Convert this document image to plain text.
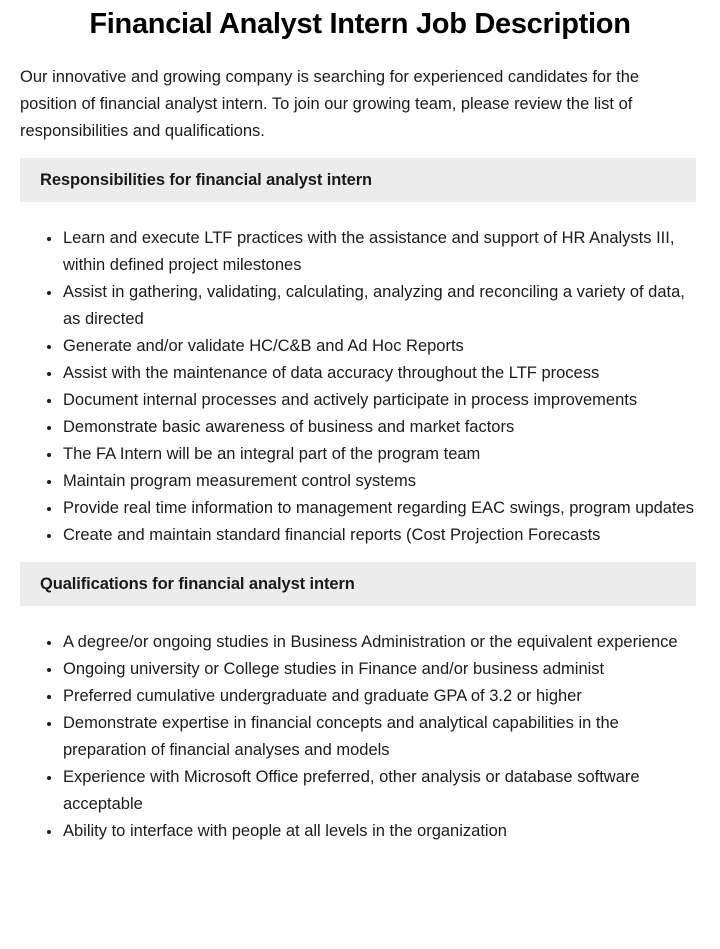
Financial Analyst Intern Job Description

Our innovative and growing company is searching for experienced candidates for the position of financial analyst intern. To join our growing team, please review the list of responsibilities and qualifications.

Responsibilities for financial analyst intern
• Learn and execute LTF practices with the assistance and support of HR Analysts III, within defined project milestones
• Assist in gathering, validating, calculating, analyzing and reconciling a variety of data, as directed
• Generate and/or validate HC/C&B and Ad Hoc Reports
• Assist with the maintenance of data accuracy throughout the LTF process
• Document internal processes and actively participate in process improvements
• Demonstrate basic awareness of business and market factors
• The FA Intern will be an integral part of the program team
• Maintain program measurement control systems
• Provide real time information to management regarding EAC swings, program updates
• Create and maintain standard financial reports (Cost Projection Forecasts
Qualifications for financial analyst intern
• A degree/or ongoing studies in Business Administration or the equivalent experience
• Ongoing university or College studies in Finance and/or business administ
• Preferred cumulative undergraduate and graduate GPA of 3.2 or higher
• Demonstrate expertise in financial concepts and analytical capabilities in the preparation of financial analyses and models
• Experience with Microsoft Office preferred, other analysis or database software acceptable
• Ability to interface with people at all levels in the organization
